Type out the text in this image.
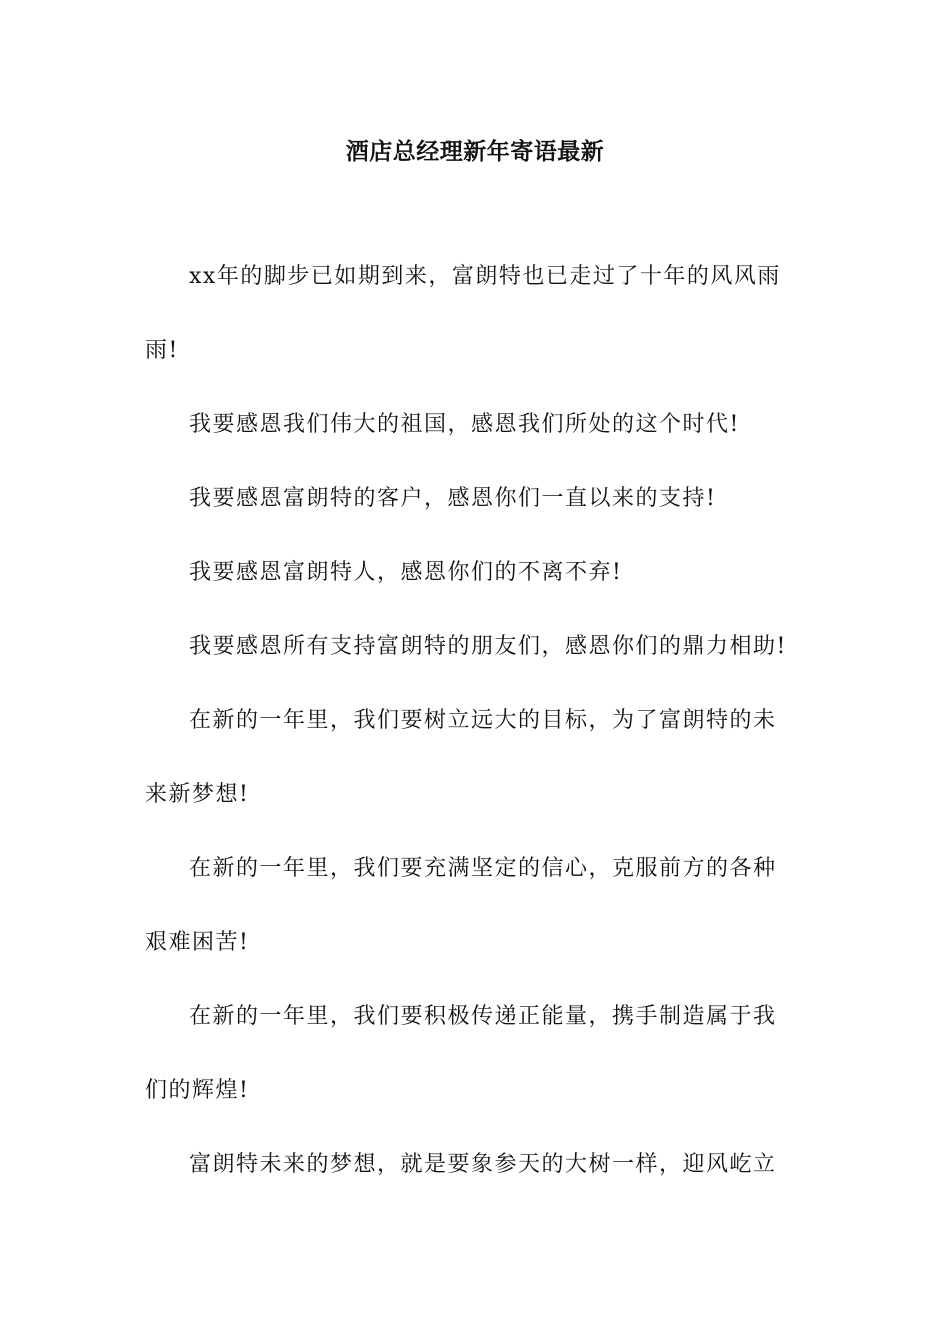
酒店总经理新年寄语最新

xx年的脚步已如期到来，富朗特也已走过了十年的风风雨
雨!

我要感恩我们伟大的祖国，感恩我们所处的这个时代!

我要感恩富朗特的客户，感恩你们一直以来的支持!

我要感恩富朗特人，感恩你们的不离不弃!

我要感恩所有支持富朗特的朋友们，感恩你们的鼎力相助!

在新的一年里，我们要树立远大的目标，为了富朗特的未
来新梦想!

在新的一年里，我们要充满坚定的信心，克服前方的各种
艰难困苦!

在新的一年里，我们要积极传递正能量，携手制造属于我
们的辉煌!

富朗特未来的梦想，就是要象参天的大树一样，迎风屹立
